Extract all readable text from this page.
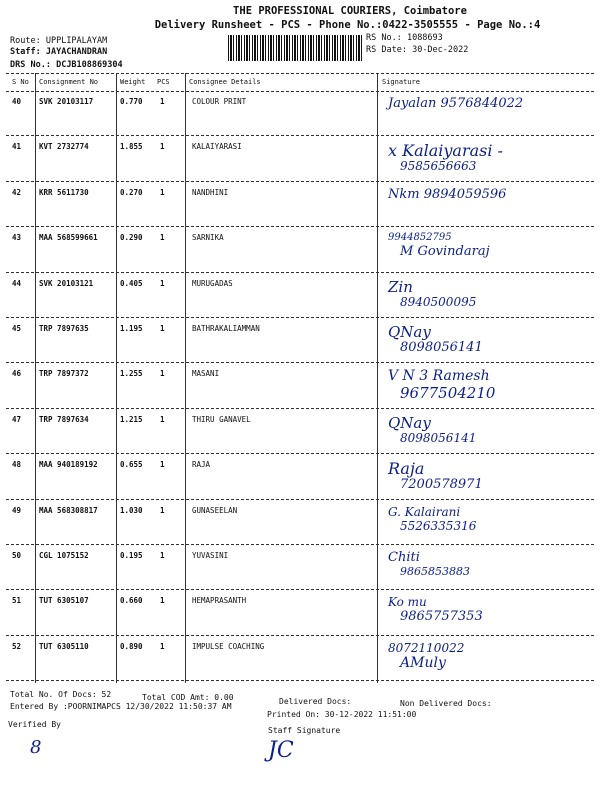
THE PROFESSIONAL COURIERS, Coimbatore
Delivery Runsheet - PCS - Phone No.:0422-3505555 - Page No.:4
Route: UPPLIPALAYAM
Staff: JAYACHANDRAN
DRS No.: DCJB108869304
RS No.: 1088693
RS Date: 30-Dec-2022
S No Consignment No	Weight PCS	Consignee Details	Signature
40 SVK 20103117	0.770 1	COLOUR PRINT	Jayalan 9576844022
41 KVT 2732774	1.855 1	KALAIYARASI	x Kalaiyarasi -
9585656663
42 KRR 5611730	0.270 1	NANDHINI	Nkm 9894059596
43 MAA 568599661	0.290 1	SARNIKA	9944852795
M Govindaraj
44 SVK 20103121	0.405 1	MURUGADAS	Zin
8940500095
45 TRP 7897635	1.195 1	BATHRAKALIAMMAN	QNay
8098056141
46 TRP 7897372	1.255 1	MASANI	V N 3 Ramesh
9677504210
47 TRP 7897634	1.215 1	THIRU GANAVEL	QNay
8098056141
48 MAA 940189192	0.655 1	RAJA	Raja
7200578971
49 MAA 568308817	1.030 1	GUNASEELAN	G. Kalairani
5526335316
50 CGL 1075152	0.195 1	YUVASINI	Chiti
9865853883
51 TUT 6305107	0.660 1	HEMAPRASANTH	Ko mu
9865757353
52 TUT 6305110	0.890 1	IMPULSE COACHING	8072110022
AMuly
Total No. Of Docs: 52	Total COD Amt: 0.00	Delivered Docs:	Non Delivered Docs:
Entered By :POORNIMAPCS 12/30/2022 11:50:37 AM
Printed On: 30-12-2022 11:51:00
Verified By
Staff Signature
8	JC
